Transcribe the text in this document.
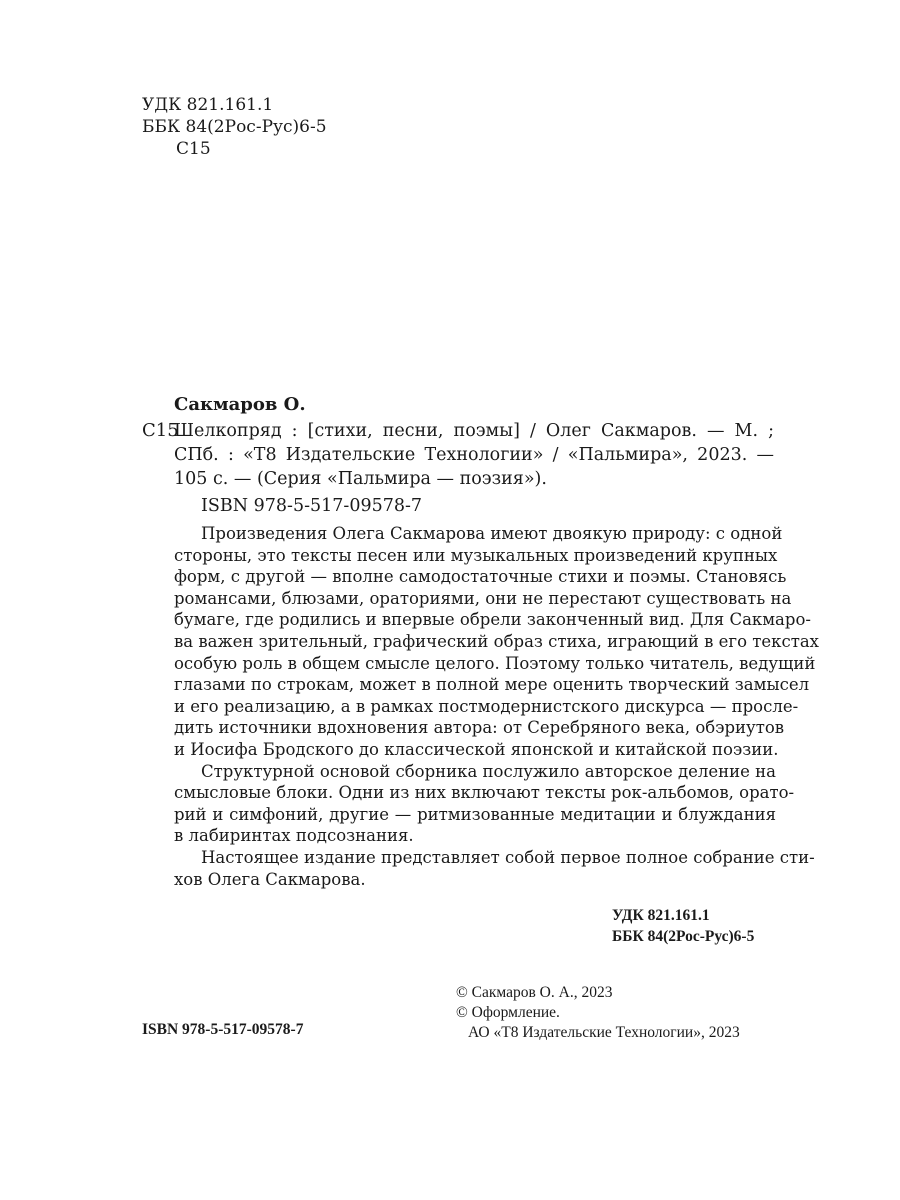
УДК 821.161.1
ББК 84(2Рос-Рус)6-5
С15
Сакмаров О.
С15
Шелкопряд : [стихи, песни, поэмы] / Олег Сакмаров. — М. ;
СПб. : «Т8 Издательские Технологии» / «Пальмира», 2023. —
105 с. — (Серия «Пальмира — поэзия»).
ISBN 978-5-517-09578-7
Произведения Олега Сакмарова имеют двоякую природу: с одной
стороны, это тексты песен или музыкальных произведений крупных
форм, с другой — вполне самодостаточные стихи и поэмы. Становясь
романсами, блюзами, ораториями, они не перестают существовать на
бумаге, где родились и впервые обрели законченный вид. Для Сакмаро-
ва важен зрительный, графический образ стиха, играющий в его текстах
особую роль в общем смысле целого. Поэтому только читатель, ведущий
глазами по строкам, может в полной мере оценить творческий замысел
и его реализацию, а в рамках постмодернистского дискурса — просле-
дить источники вдохновения автора: от Серебряного века, обэриутов
и Иосифа Бродского до классической японской и китайской поэзии.
Структурной основой сборника послужило авторское деление на
смысловые блоки. Одни из них включают тексты рок-альбомов, орато-
рий и симфоний, другие — ритмизованные медитации и блуждания
в лабиринтах подсознания.
Настоящее издание представляет собой первое полное собрание сти-
хов Олега Сакмарова.
УДК 821.161.1
ББК 84(2Рос-Рус)6-5
© Сакмаров О. А., 2023
© Оформление.
АО «Т8 Издательские Технологии», 2023
ISBN 978-5-517-09578-7
